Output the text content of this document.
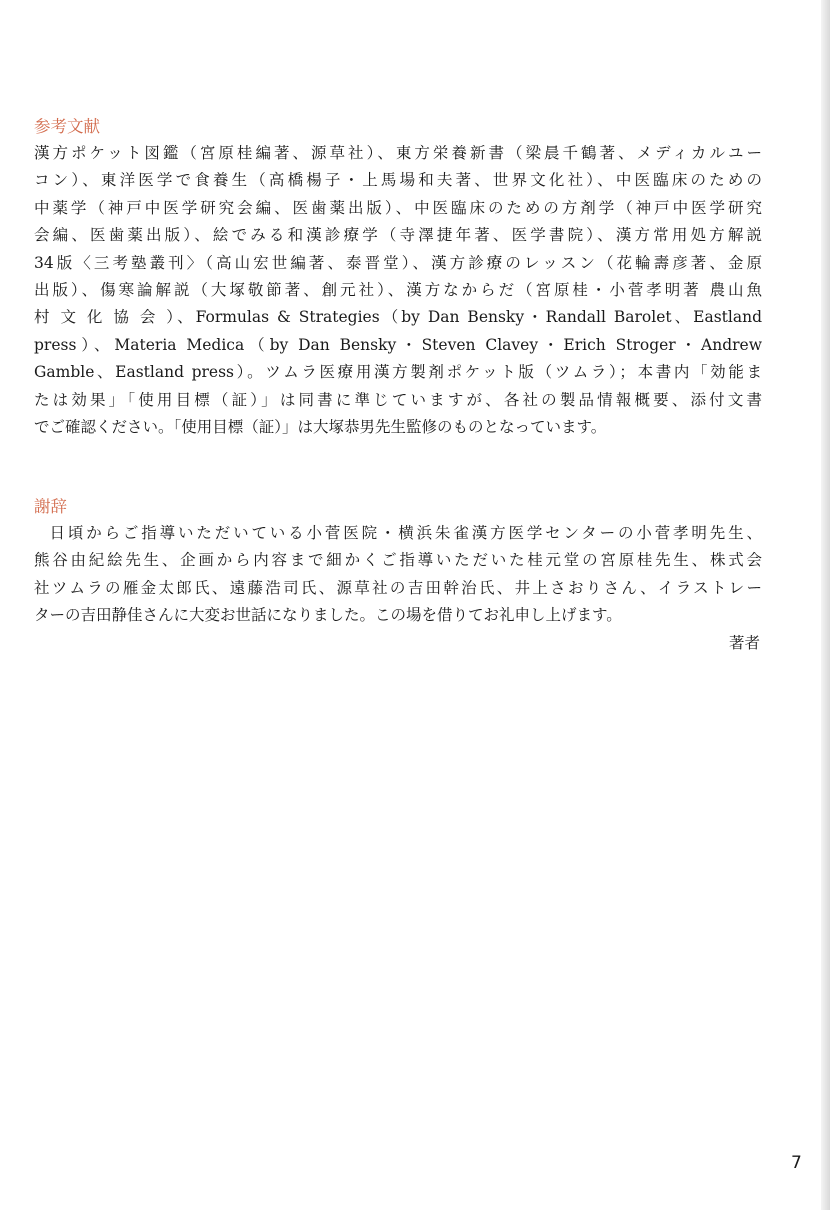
参考文献
漢方ポケット図鑑（宮原桂編著、源草社）、東方栄養新書（梁晨千鶴著、メディカルユー
コン）、東洋医学で食養生（高橋楊子・上馬場和夫著、世界文化社）、中医臨床のための
中薬学（神戸中医学研究会編、医歯薬出版）、中医臨床のための方剤学（神戸中医学研究
会編、医歯薬出版）、絵でみる和漢診療学（寺澤捷年著、医学書院）、漢方常用処方解説
34版〈三考塾叢刊〉（高山宏世編著、泰晋堂）、漢方診療のレッスン（花輪壽彦著、金原
出版）、傷寒論解説（大塚敬節著、創元社）、漢方なからだ（宮原桂・小菅孝明著 農山魚
村 文 化 協 会 ）、Formulas & Strategies（by Dan Bensky・Randall Barolet、Eastland
press）、Materia Medica（by Dan Bensky・Steven Clavey・Erich Stroger・Andrew
Gamble、Eastland press）。ツムラ医療用漢方製剤ポケット版（ツムラ）；本書内「効能ま
たは効果」「使用目標（証）」は同書に準じていますが、各社の製品情報概要、添付文書
でご確認ください。「使用目標（証）」は大塚恭男先生監修のものとなっています。
謝辞
日頃からご指導いただいている小菅医院・横浜朱雀漢方医学センターの小菅孝明先生、
熊谷由紀絵先生、企画から内容まで細かくご指導いただいた桂元堂の宮原桂先生、株式会
社ツムラの雁金太郎氏、遠藤浩司氏、源草社の吉田幹治氏、井上さおりさん、イラストレー
ターの吉田静佳さんに大変お世話になりました。この場を借りてお礼申し上げます。
著者
7
